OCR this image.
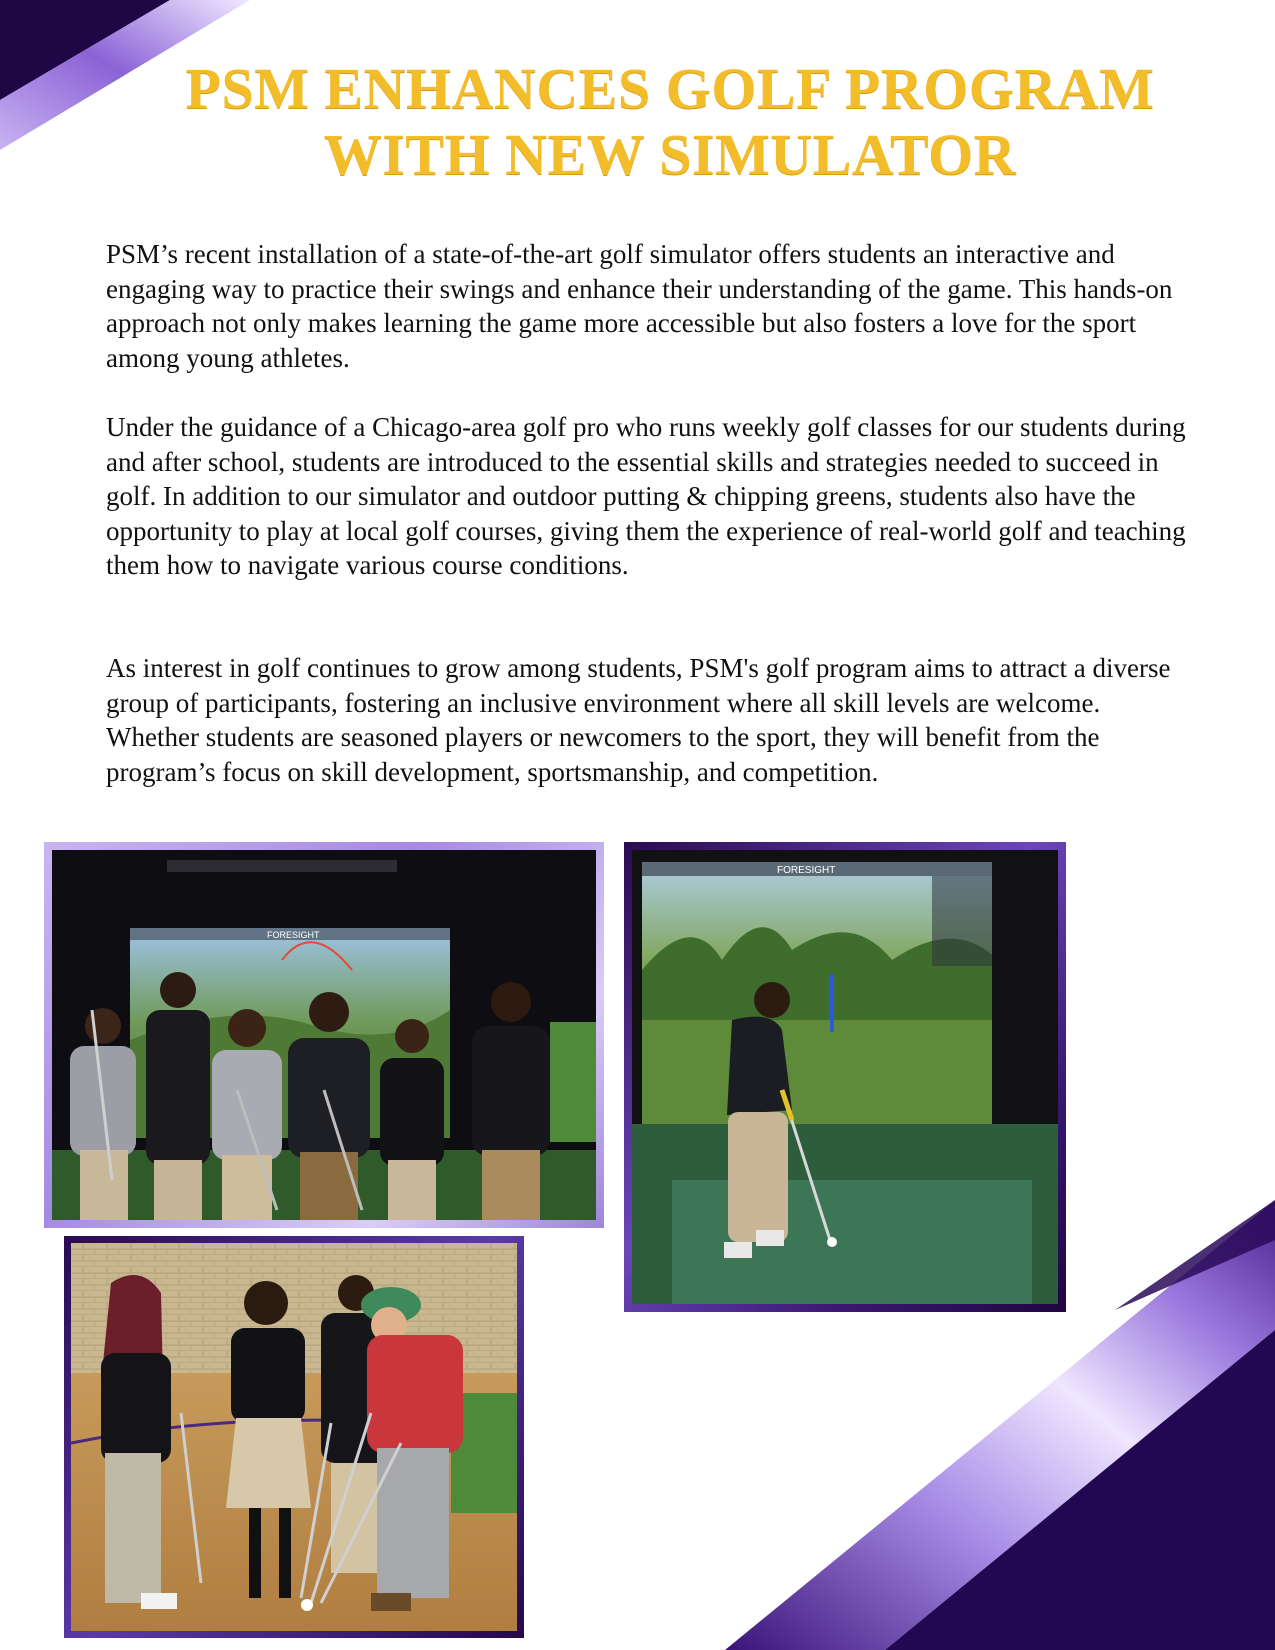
PSM ENHANCES GOLF PROGRAM
WITH NEW SIMULATOR

PSM’s recent installation of a state-of-the-art golf simulator offers students an interactive and engaging way to practice their swings and enhance their understanding of the game. This hands-on approach not only makes learning the game more accessible but also fosters a love for the sport among young athletes.

Under the guidance of a Chicago-area golf pro who runs weekly golf classes for our students during and after school, students are introduced to the essential skills and strategies needed to succeed in golf. In addition to our simulator and outdoor putting & chipping greens, students also have the opportunity to play at local golf courses, giving them the experience of real-world golf and teaching them how to navigate various course conditions.

As interest in golf continues to grow among students, PSM's golf program aims to attract a diverse group of participants, fostering an inclusive environment where all skill levels are welcome. Whether students are seasoned players or newcomers to the sport, they will benefit from the program’s focus on skill development, sportsmanship, and competition.

FORESIGHT
FORESIGHT
